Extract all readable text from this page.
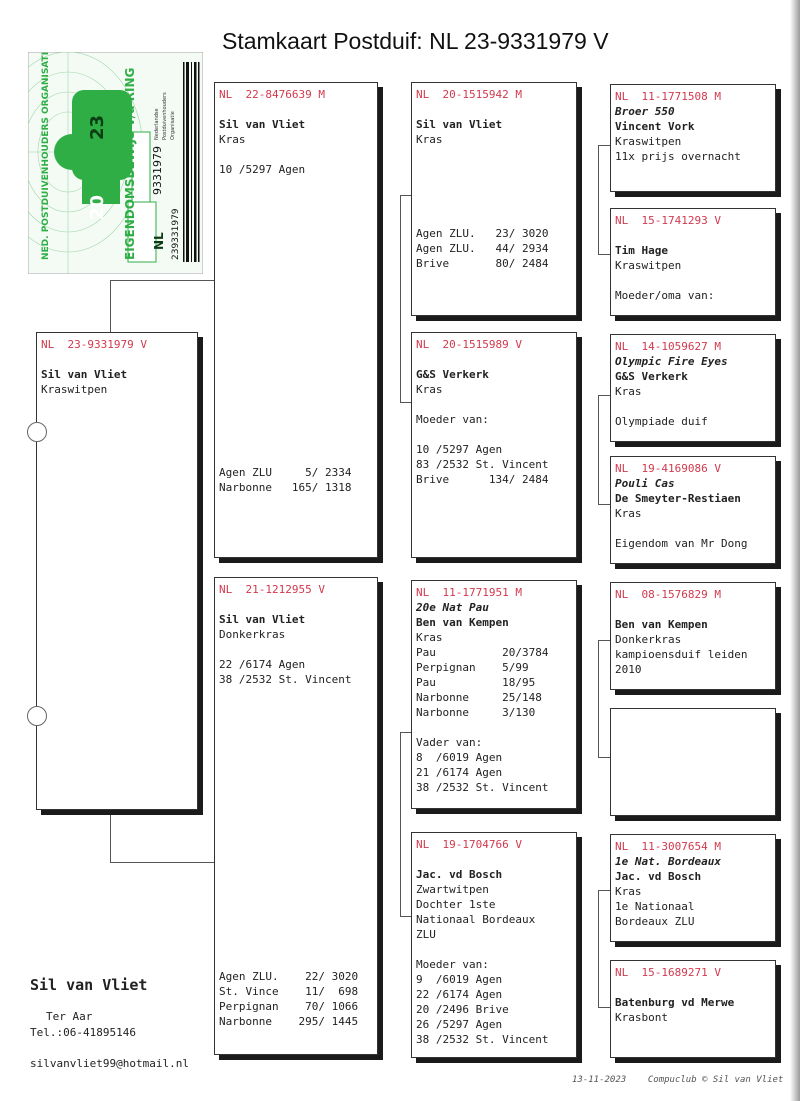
Stamkaart Postduif: NL 23-9331979 V
NED. POSTDUIVENHOUDERS ORGANISATIE	EIGENDOMSBEWIJS v/d RING
20
23
NL
9331979
239331979
Nederlandse Postduivenhouders Organisatie
NL  23-9331979 V
Sil van Vliet
Kraswitpen
NL  22-8476639 M
Sil van Vliet
Kras
10 /5297 Agen
Agen ZLU     5/ 2334
Narbonne   165/ 1318
NL  21-1212955 V
Sil van Vliet
Donkerkras
22 /6174 Agen
38 /2532 St. Vincent
Agen ZLU.    22/ 3020
St. Vince    11/  698
Perpignan    70/ 1066
Narbonne    295/ 1445
NL  20-1515942 M
Sil van Vliet
Kras
Agen ZLU.   23/ 3020
Agen ZLU.   44/ 2934
Brive       80/ 2484
NL  20-1515989 V
G&S Verkerk
Kras
Moeder van:
10 /5297 Agen
83 /2532 St. Vincent
Brive      134/ 2484
NL  11-1771951 M
20e Nat Pau
Ben van Kempen
Kras
Pau          20/3784
Perpignan    5/99
Pau          18/95
Narbonne     25/148
Narbonne     3/130
Vader van:
8  /6019 Agen
21 /6174 Agen
38 /2532 St. Vincent
NL  19-1704766 V
Jac. vd Bosch
Zwartwitpen
Dochter 1ste
Nationaal Bordeaux
ZLU
Moeder van:
9  /6019 Agen
22 /6174 Agen
20 /2496 Brive
26 /5297 Agen
38 /2532 St. Vincent
NL  11-1771508 M
Broer 550
Vincent Vork
Kraswitpen
11x prijs overnacht
NL  15-1741293 V
Tim Hage
Kraswitpen
Moeder/oma van:
NL  14-1059627 M
Olympic Fire Eyes
G&S Verkerk
Kras
Olympiade duif
NL  19-4169086 V
Pouli Cas
De Smeyter-Restiaen
Kras
Eigendom van Mr Dong
NL  08-1576829 M
Ben van Kempen
Donkerkras
kampioensduif leiden
2010
NL  11-3007654 M
1e Nat. Bordeaux
Jac. vd Bosch
Kras
1e Nationaal
Bordeaux ZLU
NL  15-1689271 V
Batenburg vd Merwe
Krasbont
Sil van Vliet
Ter Aar
Tel.:06-41895146
silvanvliet99@hotmail.nl
13-11-2023    Compuclub © Sil van Vliet
